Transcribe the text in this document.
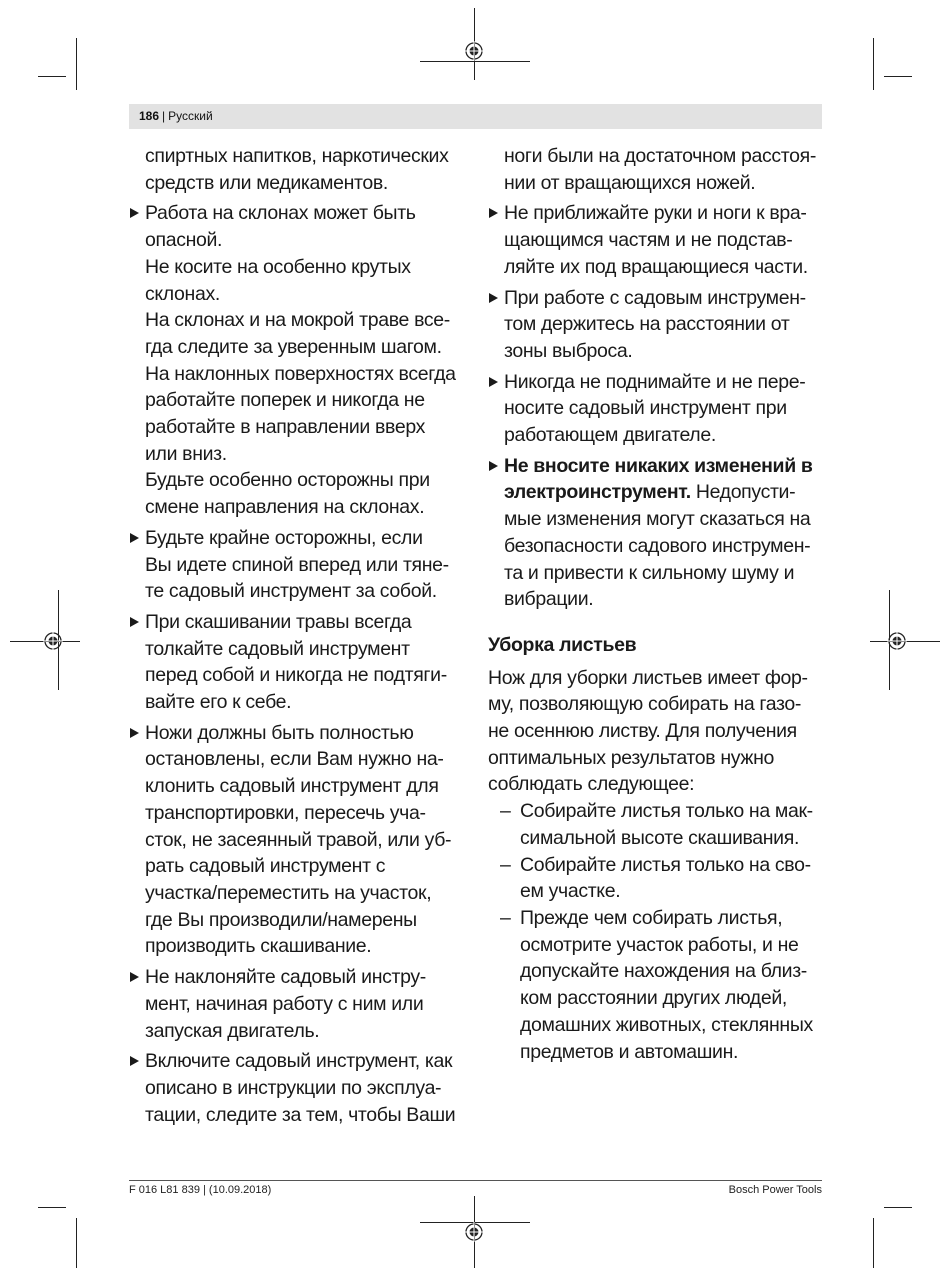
186 | Русский
спиртных напитков, наркотических
средств или медикаментов.
Работа на склонах может быть
опасной.
Не косите на особенно крутых
склонах.
На склонах и на мокрой траве все-
гда следите за уверенным шагом.
На наклонных поверхностях всегда
работайте поперек и никогда не
работайте в направлении вверх
или вниз.
Будьте особенно осторожны при
смене направления на склонах.
Будьте крайне осторожны, если
Вы идете спиной вперед или тяне-
те садовый инструмент за собой.
При скашивании травы всегда
толкайте садовый инструмент
перед собой и никогда не подтяги-
вайте его к себе.
Ножи должны быть полностью
остановлены, если Вам нужно на-
клонить садовый инструмент для
транспортировки, пересечь уча-
сток, не засеянный травой, или уб-
рать садовый инструмент с
участка/переместить на участок,
где Вы производили/намерены
производить скашивание.
Не наклоняйте садовый инстру-
мент, начиная работу с ним или
запуская двигатель.
Включите садовый инструмент, как
описано в инструкции по эксплуа-
тации, следите за тем, чтобы Ваши
ноги были на достаточном расстоя-
нии от вращающихся ножей.
Не приближайте руки и ноги к вра-
щающимся частям и не подстав-
ляйте их под вращающиеся части.
При работе с садовым инструмен-
том держитесь на расстоянии от
зоны выброса.
Никогда не поднимайте и не пере-
носите садовый инструмент при
работающем двигателе.
Не вносите никаких изменений в
электроинструмент. Недопусти-
мые изменения могут сказаться на
безопасности садового инструмен-
та и привести к сильному шуму и
вибрации.
Уборка листьев
Нож для уборки листьев имеет фор-
му, позволяющую собирать на газо-
не осеннюю листву. Для получения
оптимальных результатов нужно
соблюдать следующее:
– Собирайте листья только на мак-
симальной высоте скашивания.
– Собирайте листья только на сво-
ем участке.
– Прежде чем собирать листья,
осмотрите участок работы, и не
допускайте нахождения на близ-
ком расстоянии других людей,
домашних животных, стеклянных
предметов и автомашин.
F 016 L81 839 | (10.09.2018)	Bosch Power Tools
